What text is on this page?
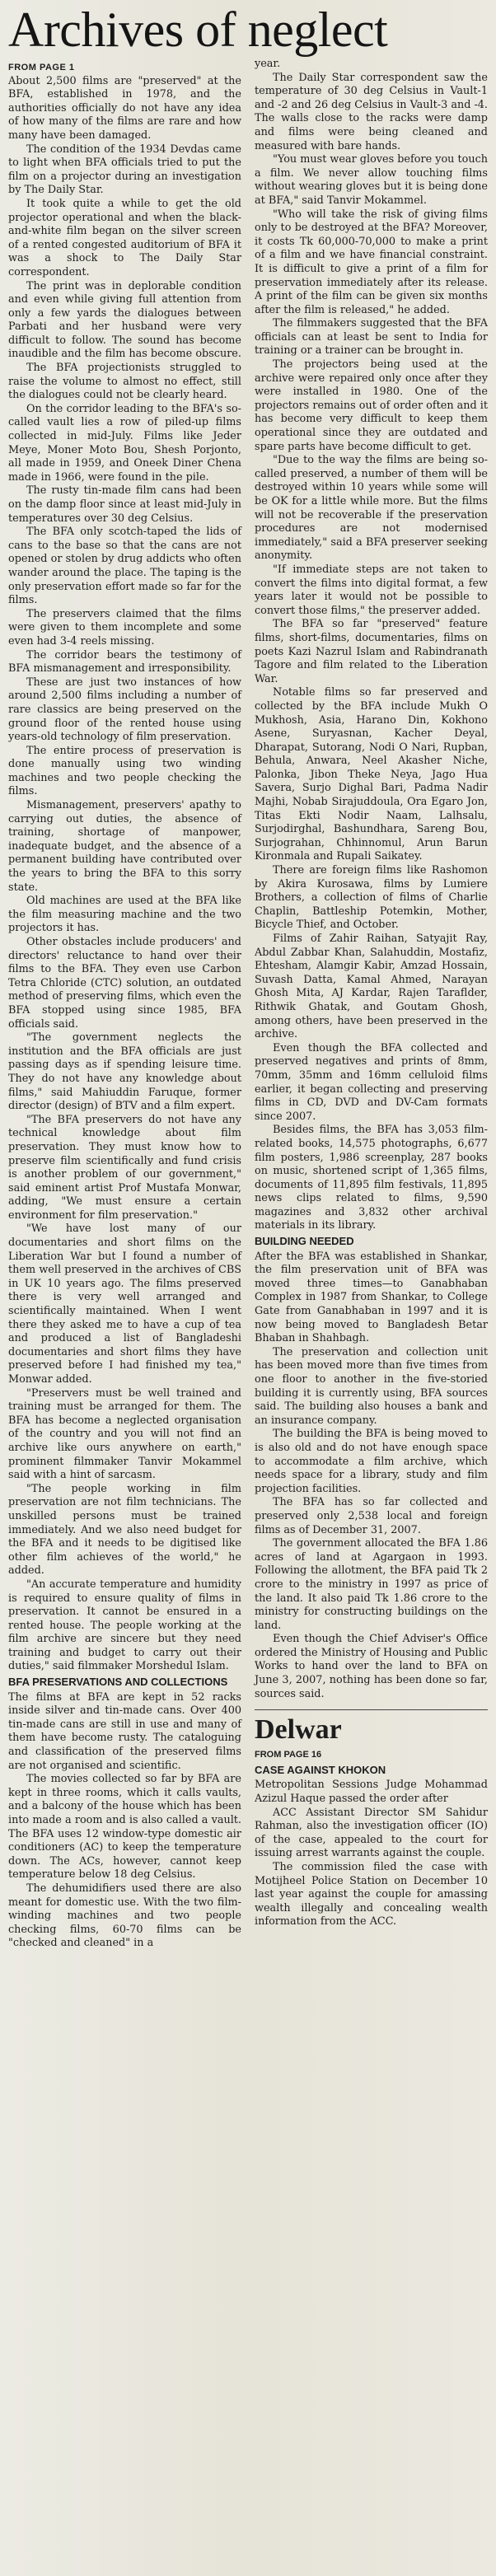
Archives of neglect
FROM PAGE 1

About 2,500 films are "preserved" at the BFA, established in 1978, and the authorities officially do not have any idea of how many of the films are rare and how many have been damaged.

The condition of the 1934 Devdas came to light when BFA officials tried to put the film on a projector during an investigation by The Daily Star.

It took quite a while to get the old projector operational and when the black-and-white film began on the silver screen of a rented congested auditorium of BFA it was a shock to The Daily Star correspondent.

The print was in deplorable condition and even while giving full attention from only a few yards the dialogues between Parbati and her husband were very difficult to follow. The sound has become inaudible and the film has become obscure.

The BFA projectionists struggled to raise the volume to almost no effect, still the dialogues could not be clearly heard.

On the corridor leading to the BFA's so-called vault lies a row of piled-up films collected in mid-July. Films like Jeder Meye, Moner Moto Bou, Shesh Porjonto, all made in 1959, and Oneek Diner Chena made in 1966, were found in the pile.

The rusty tin-made film cans had been on the damp floor since at least mid-July in temperatures over 30 deg Celsius.

The BFA only scotch-taped the lids of cans to the base so that the cans are not opened or stolen by drug addicts who often wander around the place. The taping is the only preservation effort made so far for the films.

The preservers claimed that the films were given to them incomplete and some even had 3-4 reels missing.

The corridor bears the testimony of BFA mismanagement and irresponsibility.

These are just two instances of how around 2,500 films including a number of rare classics are being preserved on the ground floor of the rented house using years-old technology of film preservation.

The entire process of preservation is done manually using two winding machines and two people checking the films.

Mismanagement, preservers' apathy to carrying out duties, the absence of training, shortage of manpower, inadequate budget, and the absence of a permanent building have contributed over the years to bring the BFA to this sorry state.

Old machines are used at the BFA like the film measuring machine and the two projectors it has.

Other obstacles include producers' and directors' reluctance to hand over their films to the BFA. They even use Carbon Tetra Chloride (CTC) solution, an outdated method of preserving films, which even the BFA stopped using since 1985, BFA officials said.

"The government neglects the institution and the BFA officials are just passing days as if spending leisure time. They do not have any knowledge about films," said Mahiuddin Faruque, former director (design) of BTV and a film expert.

"The BFA preservers do not have any technical knowledge about film preservation. They must know how to preserve film scientifically and fund crisis is another problem of our government," said eminent artist Prof Mustafa Monwar, adding, "We must ensure a certain environment for film preservation."

"We have lost many of our documentaries and short films on the Liberation War but I found a number of them well preserved in the archives of CBS in UK 10 years ago. The films preserved there is very well arranged and scientifically maintained. When I went there they asked me to have a cup of tea and produced a list of Bangladeshi documentaries and short films they have preserved before I had finished my tea," Monwar added.

"Preservers must be well trained and training must be arranged for them. The BFA has become a neglected organisation of the country and you will not find an archive like ours anywhere on earth," prominent filmmaker Tanvir Mokammel said with a hint of sarcasm.

"The people working in film preservation are not film technicians. The unskilled persons must be trained immediately. And we also need budget for the BFA and it needs to be digitised like other film achieves of the world," he added.

"An accurate temperature and humidity is required to ensure quality of films in preservation. It cannot be ensured in a rented house. The people working at the film archive are sincere but they need training and budget to carry out their duties," said filmmaker Morshedul Islam.

BFA PRESERVATIONS AND COLLECTIONS

The films at BFA are kept in 52 racks inside silver and tin-made cans. Over 400 tin-made cans are still in use and many of them have become rusty. The cataloguing and classification of the preserved films are not organised and scientific.

The movies collected so far by BFA are kept in three rooms, which it calls vaults, and a balcony of the house which has been into made a room and is also called a vault. The BFA uses 12 window-type domestic air conditioners (AC) to keep the temperature down. The ACs, however, cannot keep temperature below 18 deg Celsius.

The dehumidifiers used there are also meant for domestic use. With the two film-winding machines and two people checking films, 60-70 films can be "checked and cleaned" in a

year.

The Daily Star correspondent saw the temperature of 30 deg Celsius in Vault-1 and -2 and 26 deg Celsius in Vault-3 and -4. The walls close to the racks were damp and films were being cleaned and measured with bare hands.

"You must wear gloves before you touch a film. We never allow touching films without wearing gloves but it is being done at BFA," said Tanvir Mokammel.

"Who will take the risk of giving films only to be destroyed at the BFA? Moreover, it costs Tk 60,000-70,000 to make a print of a film and we have financial constraint. It is difficult to give a print of a film for preservation immediately after its release. A print of the film can be given six months after the film is released," he added.

The filmmakers suggested that the BFA officials can at least be sent to India for training or a trainer can be brought in.

The projectors being used at the archive were repaired only once after they were installed in 1980. One of the projectors remains out of order often and it has become very difficult to keep them operational since they are outdated and spare parts have become difficult to get.

"Due to the way the films are being so-called preserved, a number of them will be destroyed within 10 years while some will be OK for a little while more. But the films will not be recoverable if the preservation procedures are not modernised immediately," said a BFA preserver seeking anonymity.

"If immediate steps are not taken to convert the films into digital format, a few years later it would not be possible to convert those films," the preserver added.

The BFA so far "preserved" feature films, short-films, documentaries, films on poets Kazi Nazrul Islam and Rabindranath Tagore and film related to the Liberation War.

Notable films so far preserved and collected by the BFA include Mukh O Mukhosh, Asia, Harano Din, Kokhono Asene, Suryasnan, Kacher Deyal, Dharapat, Sutorang, Nodi O Nari, Rupban, Behula, Anwara, Neel Akasher Niche, Palonka, Jibon Theke Neya, Jago Hua Savera, Surjo Dighal Bari, Padma Nadir Majhi, Nobab Sirajuddoula, Ora Egaro Jon, Titas Ekti Nodir Naam, Lalhsalu, Surjodirghal, Bashundhara, Sareng Bou, Surjograhan, Chhinnomul, Arun Barun Kironmala and Rupali Saikatey.

There are foreign films like Rashomon by Akira Kurosawa, films by Lumiere Brothers, a collection of films of Charlie Chaplin, Battleship Potemkin, Mother, Bicycle Thief, and October.

Films of Zahir Raihan, Satyajit Ray, Abdul Zabbar Khan, Salahuddin, Mostafiz, Ehtesham, Alamgir Kabir, Amzad Hossain, Suvash Datta, Kamal Ahmed, Narayan Ghosh Mita, AJ Kardar, Rajen Taraflder, Rithwik Ghatak, and Goutam Ghosh, among others, have been preserved in the archive.

Even though the BFA collected and preserved negatives and prints of 8mm, 70mm, 35mm and 16mm celluloid films earlier, it began collecting and preserving films in CD, DVD and DV-Cam formats since 2007.

Besides films, the BFA has 3,053 film-related books, 14,575 photographs, 6,677 film posters, 1,986 screenplay, 287 books on music, shortened script of 1,365 films, documents of 11,895 film festivals, 11,895 news clips related to films, 9,590 magazines and 3,832 other archival materials in its library.

BUILDING NEEDED

After the BFA was established in Shankar, the film preservation unit of BFA was moved three times—to Ganabhaban Complex in 1987 from Shankar, to College Gate from Ganabhaban in 1997 and it is now being moved to Bangladesh Betar Bhaban in Shahbagh.

The preservation and collection unit has been moved more than five times from one floor to another in the five-storied building it is currently using, BFA sources said. The building also houses a bank and an insurance company.

The building the BFA is being moved to is also old and do not have enough space to accommodate a film archive, which needs space for a library, study and film projection facilities.

The BFA has so far collected and preserved only 2,538 local and foreign films as of December 31, 2007.

The government allocated the BFA 1.86 acres of land at Agargaon in 1993. Following the allotment, the BFA paid Tk 2 crore to the ministry in 1997 as price of the land. It also paid Tk 1.86 crore to the ministry for constructing buildings on the land.

Even though the Chief Adviser's Office ordered the Ministry of Housing and Public Works to hand over the land to BFA on June 3, 2007, nothing has been done so far, sources said.

Delwar
FROM PAGE 16
CASE AGAINST KHOKON

Metropolitan Sessions Judge Mohammad Azizul Haque passed the order after

ACC Assistant Director SM Sahidur Rahman, also the investigation officer (IO) of the case, appealed to the court for issuing arrest warrants against the couple.

The commission filed the case with Motijheel Police Station on December 10 last year against the couple for amassing wealth illegally and concealing wealth information from the ACC.
